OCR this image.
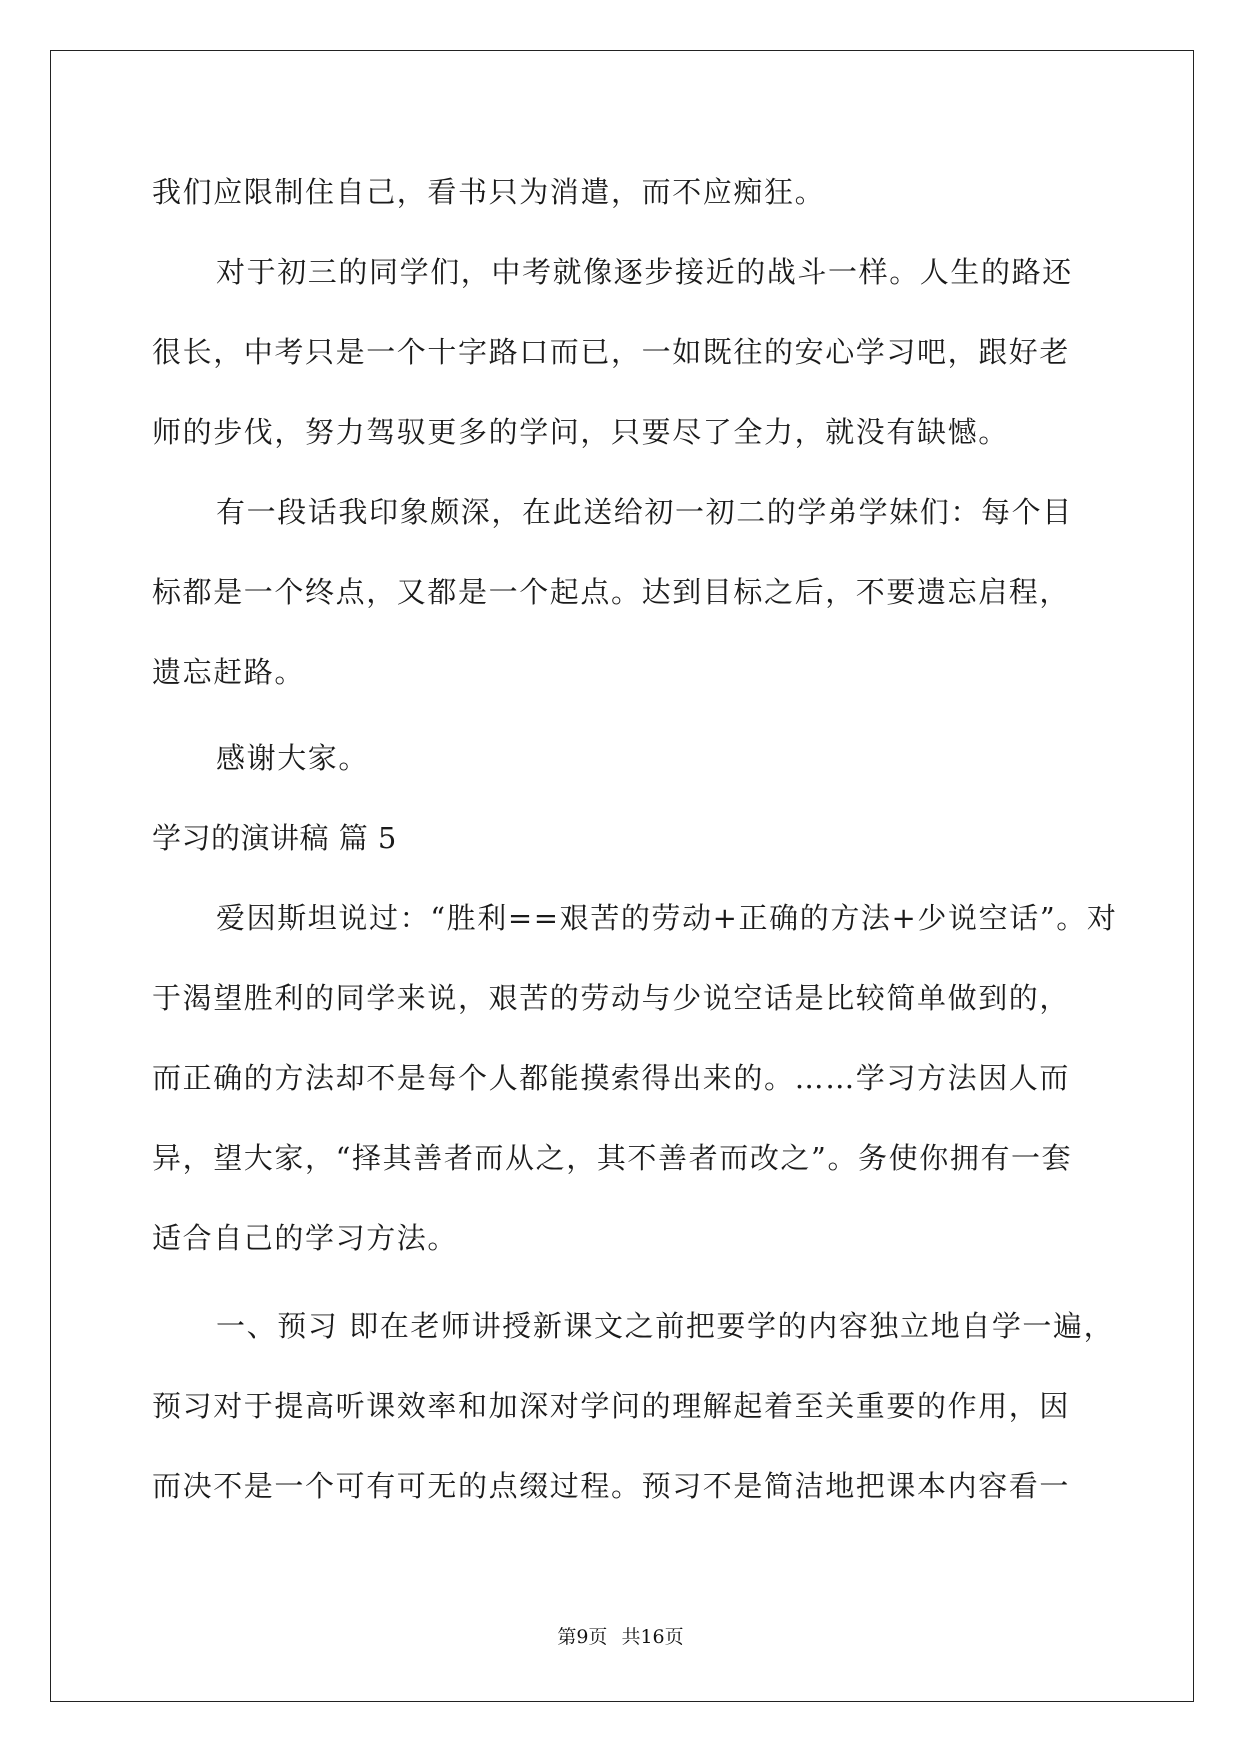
我们应限制住自己，看书只为消遣，而不应痴狂。
对于初三的同学们，中考就像逐步接近的战斗一样。人生的路还
很长，中考只是一个十字路口而已，一如既往的安心学习吧，跟好老
师的步伐，努力驾驭更多的学问，只要尽了全力，就没有缺憾。
有一段话我印象颇深，在此送给初一初二的学弟学妹们：每个目
标都是一个终点，又都是一个起点。达到目标之后，不要遗忘启程，
遗忘赶路。
感谢大家。
学习的演讲稿 篇 5
爱因斯坦说过：“胜利==艰苦的劳动+正确的方法+少说空话”。对
于渴望胜利的同学来说，艰苦的劳动与少说空话是比较简单做到的，
而正确的方法却不是每个人都能摸索得出来的。……学习方法因人而
异，望大家，“择其善者而从之，其不善者而改之”。务使你拥有一套
适合自己的学习方法。
一、预习 即在老师讲授新课文之前把要学的内容独立地自学一遍，
预习对于提高听课效率和加深对学问的理解起着至关重要的作用，因
而决不是一个可有可无的点缀过程。预习不是简洁地把课本内容看一
第9页 共16页
